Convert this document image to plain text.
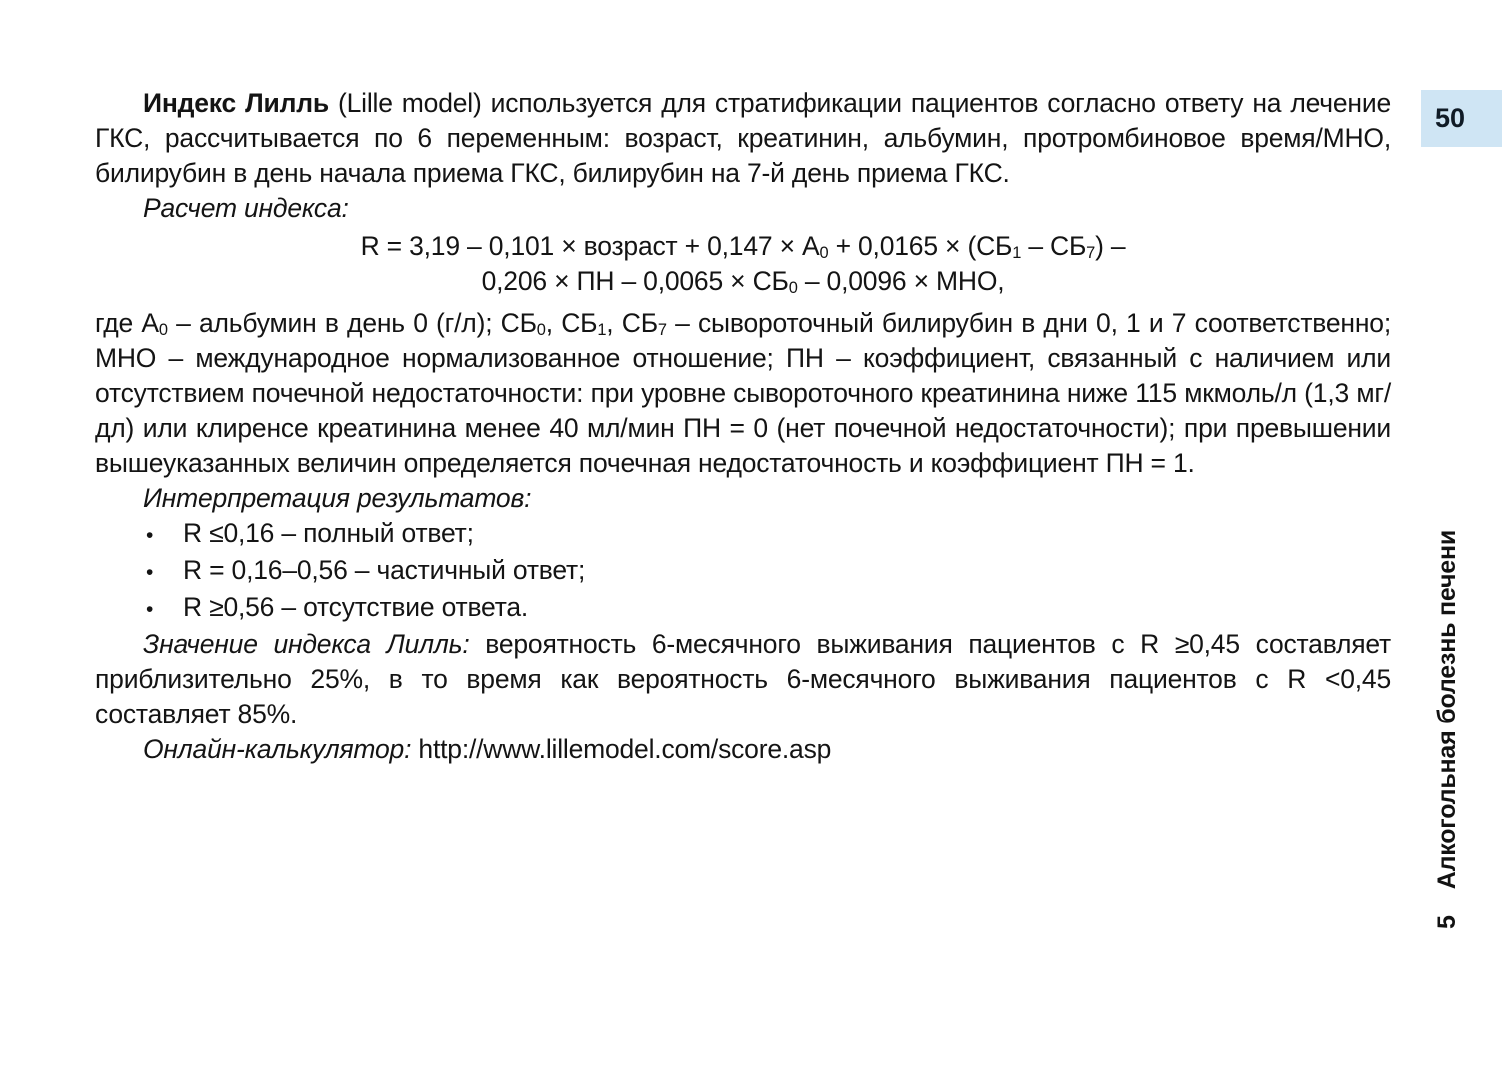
Индекс Лилль (Lille model) используется для стратификации пациентов согласно ответу на лечение ГКС, рассчитывается по 6 переменным: возраст, креатинин, альбумин, протромбиновое время/МНО, билирубин в день начала приема ГКС, билирубин на 7-й день приема ГКС.

Расчет индекса:

R = 3,19 – 0,101 × возраст + $0,147 \times А_0 + 0,0165 \times (СБ_1 - СБ_7)$ –
0,206 × ПН – $0,0065 \times СБ_0 - 0,0096$ × МНО,

где $А_0$ – альбумин в день 0 (г/л); $СБ_0$, $СБ_1$, $СБ_7$ – сывороточный билирубин в дни 0, 1 и 7 соответственно; МНО – международное нормализованное отношение; ПН – коэффициент, связанный с наличием или отсутствием почечной недостаточности: при уровне сывороточного креатинина ниже 115 мкмоль/л (1,3 мг/дл) или клиренсе креатинина менее 40 мл/мин ПН = 0 (нет почечной недостаточности); при превышении вышеуказанных величин определяется почечная недостаточность и коэффициент ПН = 1.

Интерпретация результатов:

• R ≤0,16 – полный ответ;
• R = 0,16–0,56 – частичный ответ;
• R ≥0,56 – отсутствие ответа.

Значение индекса Лилль: вероятность 6-месячного выживания пациентов с R ≥0,45 составляет приблизительно 25%, в то время как вероятность 6-месячного выживания пациентов с R <0,45 составляет 85%.

Онлайн-калькулятор: http://www.lillemodel.com/score.asp

50
5Алкогольная болезнь печени
